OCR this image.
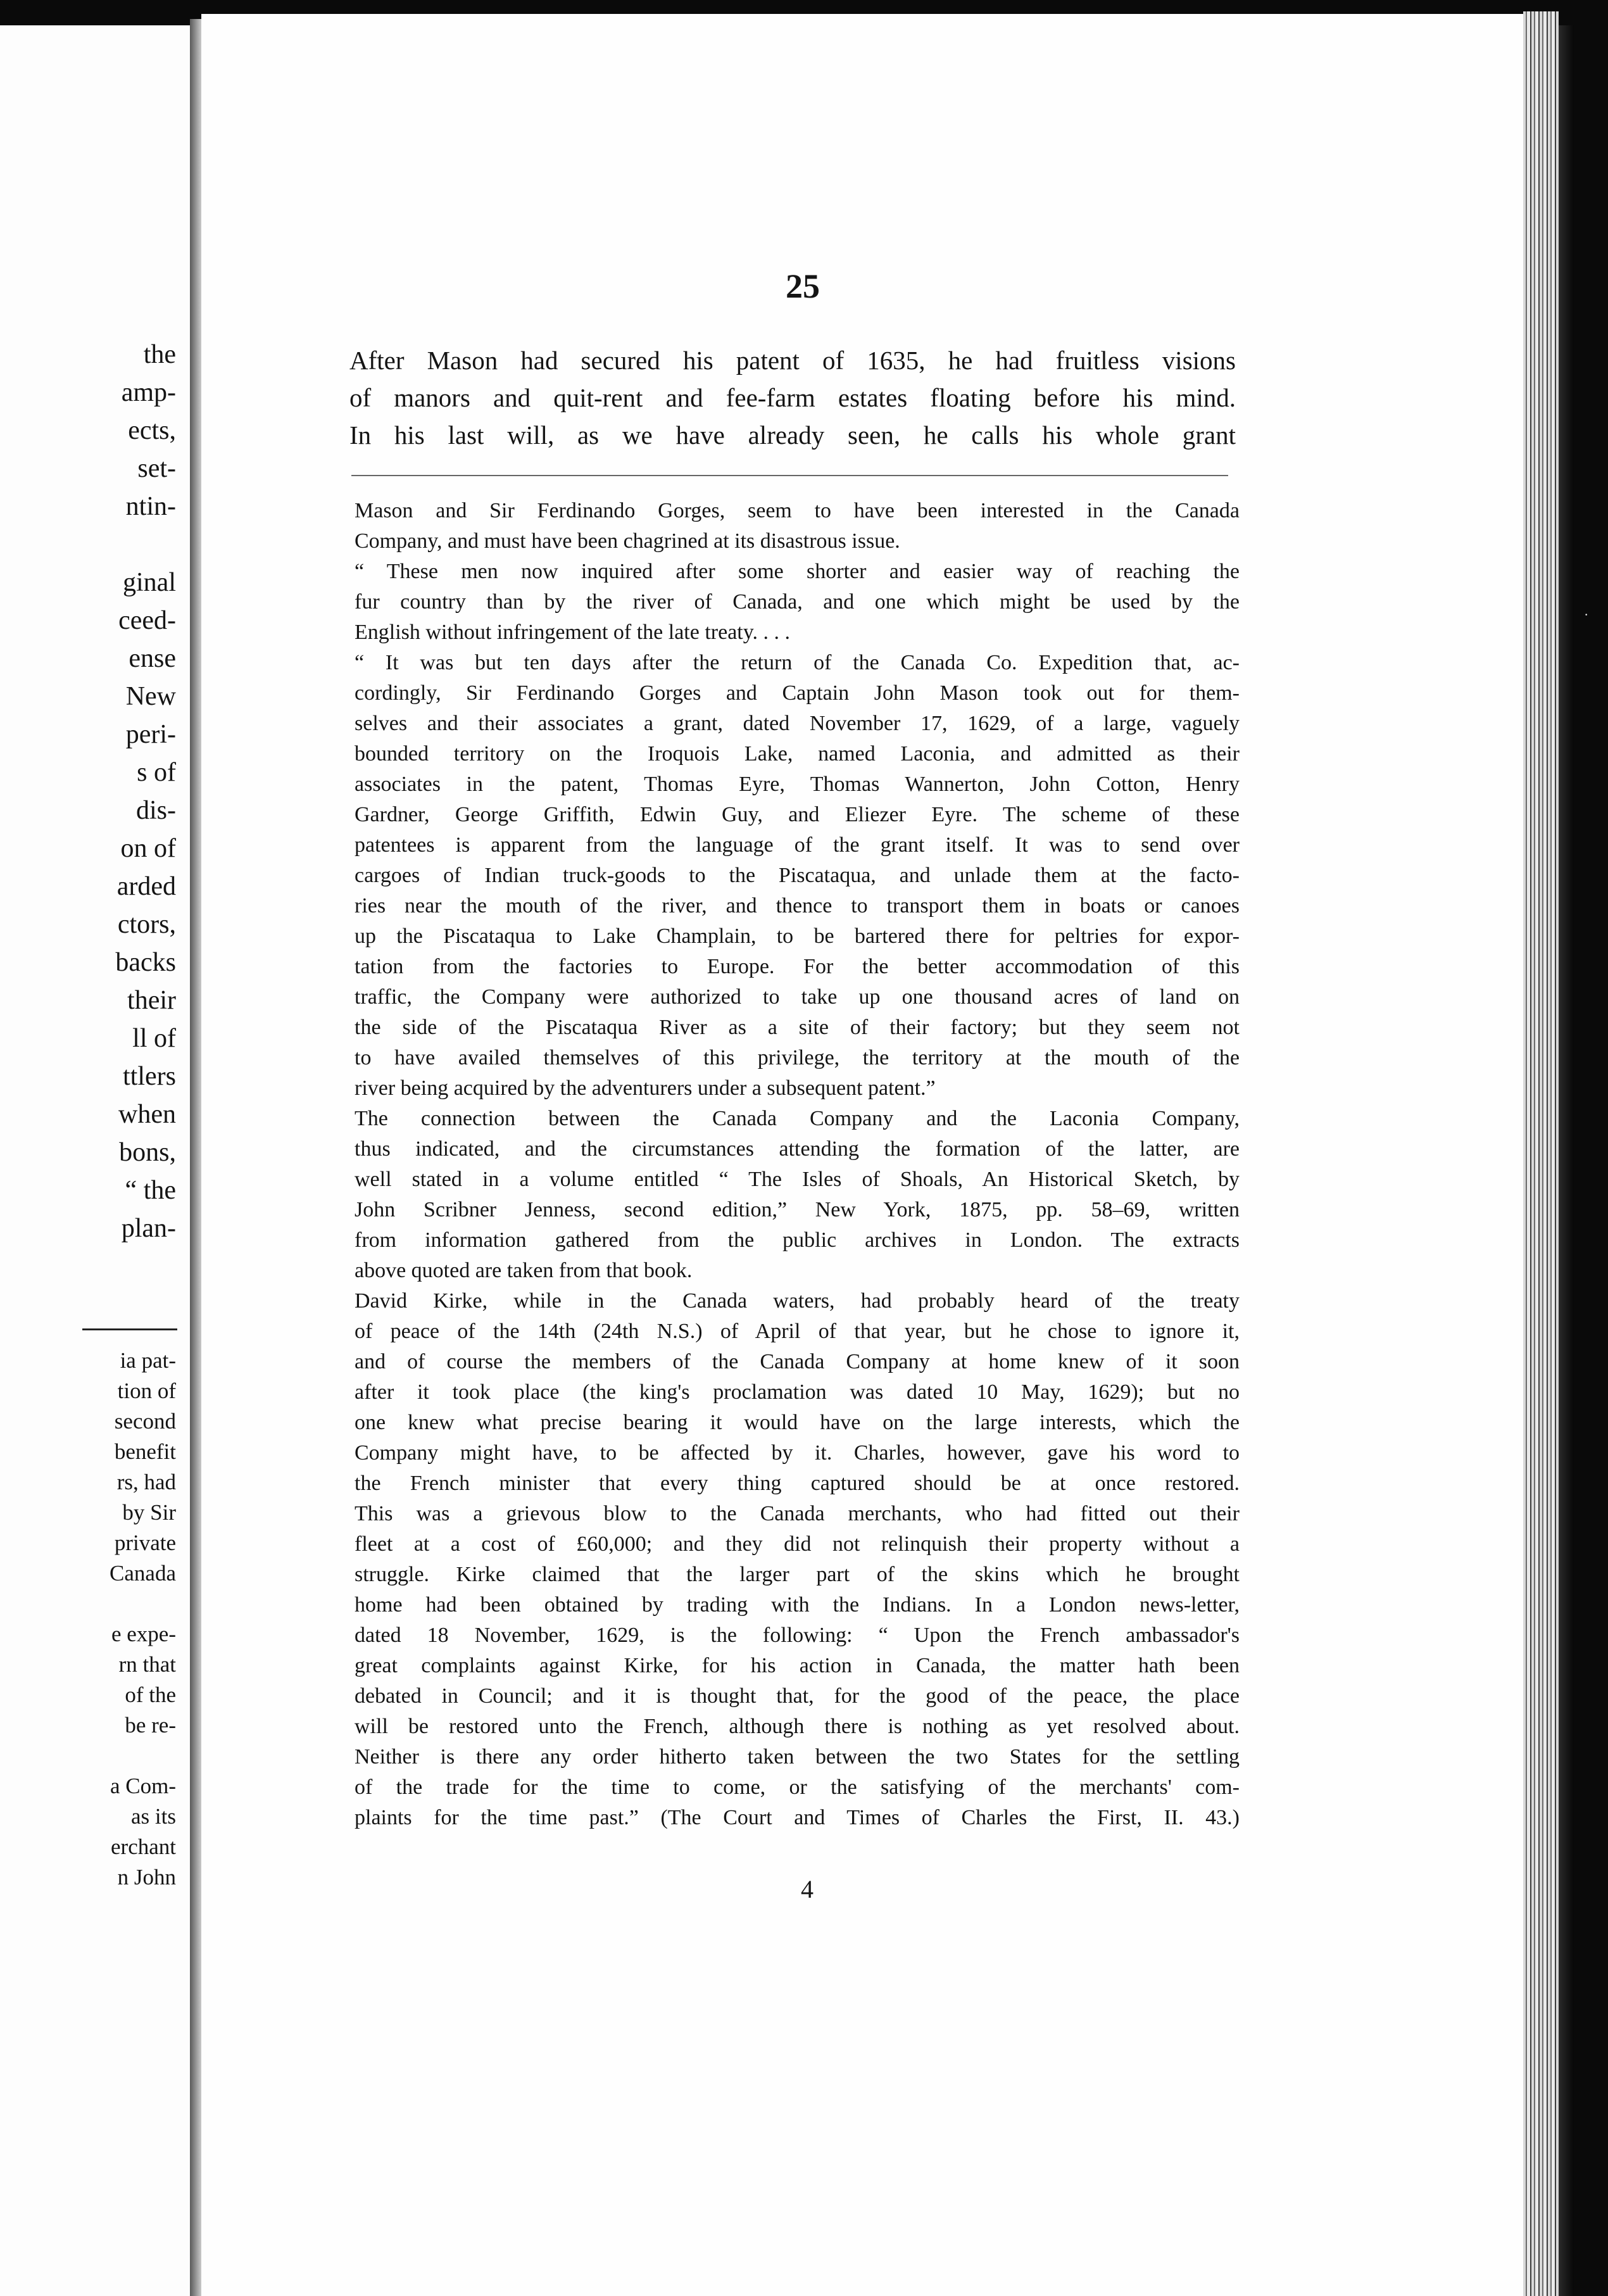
the
amp-
ects,
set-
ntin-
ginal
ceed-
ense
New
peri-
s of
dis-
on of
arded
ctors,
backs
their
ll of
ttlers
when
bons,
“ the
plan-
ia pat-
tion of
second
benefit
rs, had
by Sir
private
Canada
e expe-
rn that
of the
be re-
a Com-
as its
erchant
n John
·
25
After Mason had secured his patent of 1635, he had fruitless visions
of manors and quit-rent and fee-farm estates floating before his mind.
In his last will, as we have already seen, he calls his whole grant
Mason and Sir Ferdinando Gorges, seem to have been interested in the Canada
Company, and must have been chagrined at its disastrous issue.
“ These men now inquired after some shorter and easier way of reaching the
fur country than by the river of Canada, and one which might be used by the
English without infringement of the late treaty. . . .
“ It was but ten days after the return of the Canada Co. Expedition that, ac-
cordingly, Sir Ferdinando Gorges and Captain John Mason took out for them-
selves and their associates a grant, dated November 17, 1629, of a large, vaguely
bounded territory on the Iroquois Lake, named Laconia, and admitted as their
associates in the patent, Thomas Eyre, Thomas Wannerton, John Cotton, Henry
Gardner, George Griffith, Edwin Guy, and Eliezer Eyre. The scheme of these
patentees is apparent from the language of the grant itself. It was to send over
cargoes of Indian truck-goods to the Piscataqua, and unlade them at the facto-
ries near the mouth of the river, and thence to transport them in boats or canoes
up the Piscataqua to Lake Champlain, to be bartered there for peltries for expor-
tation from the factories to Europe. For the better accommodation of this
traffic, the Company were authorized to take up one thousand acres of land on
the side of the Piscataqua River as a site of their factory; but they seem not
to have availed themselves of this privilege, the territory at the mouth of the
river being acquired by the adventurers under a subsequent patent.”
The connection between the Canada Company and the Laconia Company,
thus indicated, and the circumstances attending the formation of the latter, are
well stated in a volume entitled “ The Isles of Shoals, An Historical Sketch, by
John Scribner Jenness, second edition,” New York, 1875, pp. 58–69, written
from information gathered from the public archives in London. The extracts
above quoted are taken from that book.
David Kirke, while in the Canada waters, had probably heard of the treaty
of peace of the 14th (24th N.S.) of April of that year, but he chose to ignore it,
and of course the members of the Canada Company at home knew of it soon
after it took place (the king's proclamation was dated 10 May, 1629); but no
one knew what precise bearing it would have on the large interests, which the
Company might have, to be affected by it. Charles, however, gave his word to
the French minister that every thing captured should be at once restored.
This was a grievous blow to the Canada merchants, who had fitted out their
fleet at a cost of £60,000; and they did not relinquish their property without a
struggle. Kirke claimed that the larger part of the skins which he brought
home had been obtained by trading with the Indians. In a London news-letter,
dated 18 November, 1629, is the following: “ Upon the French ambassador's
great complaints against Kirke, for his action in Canada, the matter hath been
debated in Council; and it is thought that, for the good of the peace, the place
will be restored unto the French, although there is nothing as yet resolved about.
Neither is there any order hitherto taken between the two States for the settling
of the trade for the time to come, or the satisfying of the merchants' com-
plaints for the time past.” (The Court and Times of Charles the First, II. 43.)
4
